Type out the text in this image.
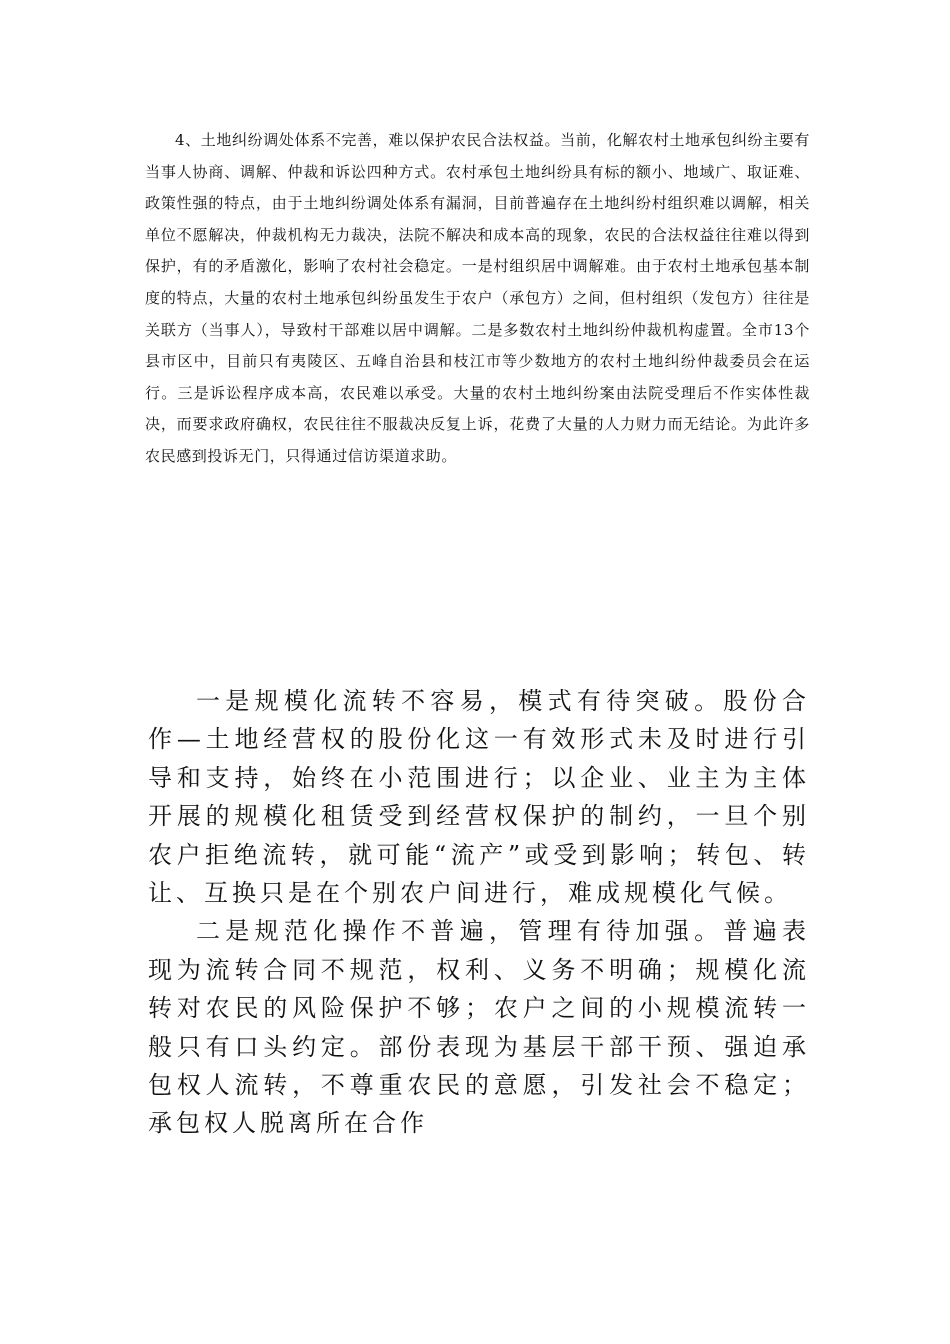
4、土地纠纷调处体系不完善，难以保护农民合法权益。当前，化解农村土地承包纠纷主要有当事人协商、调解、仲裁和诉讼四种方式。农村承包土地纠纷具有标的额小、地域广、取证难、政策性强的特点，由于土地纠纷调处体系有漏洞，目前普遍存在土地纠纷村组织难以调解，相关单位不愿解决，仲裁机构无力裁决，法院不解决和成本高的现象，农民的合法权益往往难以得到保护，有的矛盾激化，影响了农村社会稳定。一是村组织居中调解难。由于农村土地承包基本制度的特点，大量的农村土地承包纠纷虽发生于农户（承包方）之间，但村组织（发包方）往往是关联方（当事人），导致村干部难以居中调解。二是多数农村土地纠纷仲裁机构虚置。全市13个县市区中，目前只有夷陵区、五峰自治县和枝江市等少数地方的农村土地纠纷仲裁委员会在运行。三是诉讼程序成本高，农民难以承受。大量的农村土地纠纷案由法院受理后不作实体性裁决，而要求政府确权，农民往往不服裁决反复上诉，花费了大量的人力财力而无结论。为此许多农民感到投诉无门，只得通过信访渠道求助。

一是规模化流转不容易，模式有待突破。股份合作—土地经营权的股份化这一有效形式未及时进行引导和支持，始终在小范围进行；以企业、业主为主体开展的规模化租赁受到经营权保护的制约，一旦个别农户拒绝流转，就可能“流产”或受到影响；转包、转让、互换只是在个别农户间进行，难成规模化气候。

二是规范化操作不普遍，管理有待加强。普遍表现为流转合同不规范，权利、义务不明确；规模化流转对农民的风险保护不够；农户之间的小规模流转一般只有口头约定。部份表现为基层干部干预、强迫承包权人流转，不尊重农民的意愿，引发社会不稳定；承包权人脱离所在合作
